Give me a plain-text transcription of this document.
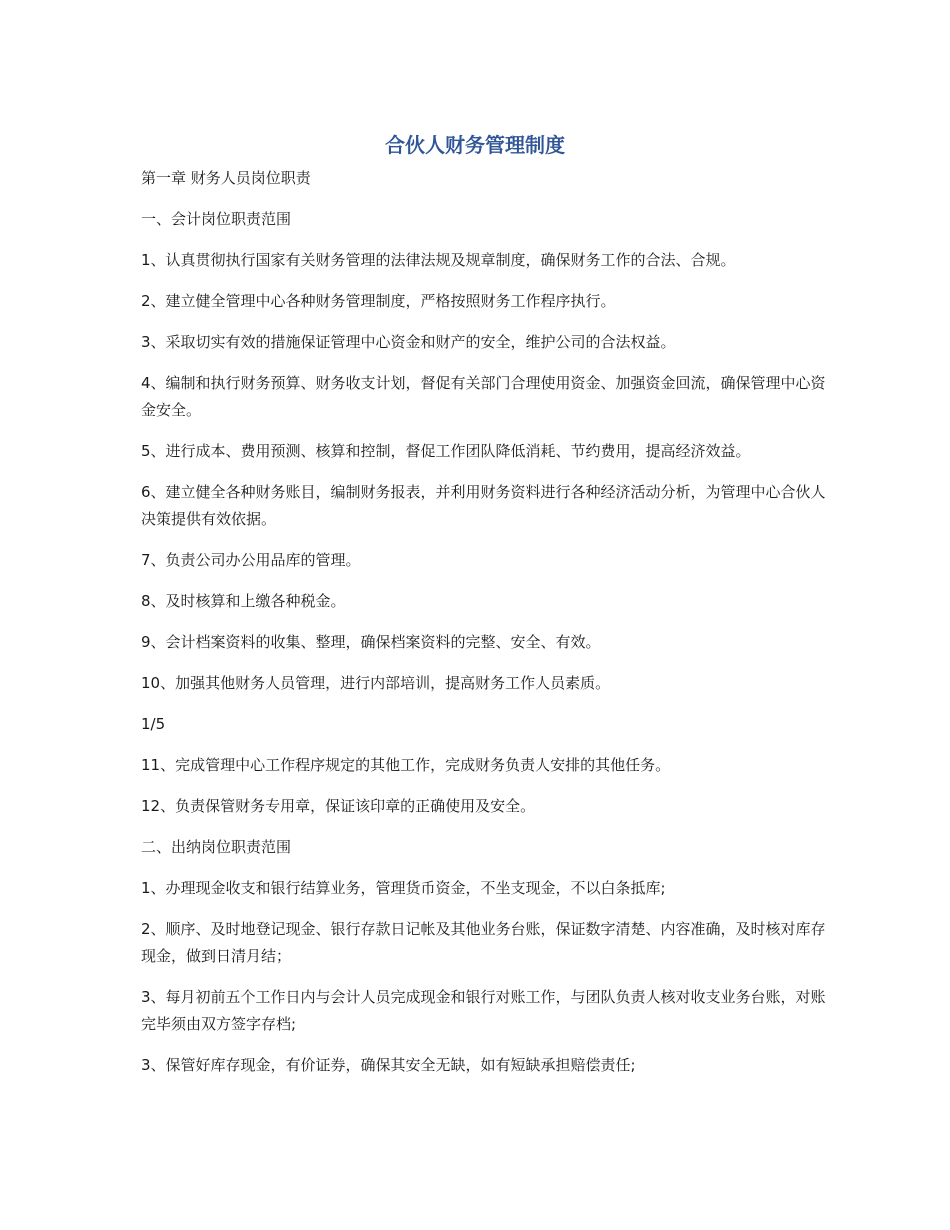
合伙人财务管理制度

第一章 财务人员岗位职责

一、会计岗位职责范围

1、认真贯彻执行国家有关财务管理的法律法规及规章制度，确保财务工作的合法、合规。

2、建立健全管理中心各种财务管理制度，严格按照财务工作程序执行。

3、采取切实有效的措施保证管理中心资金和财产的安全，维护公司的合法权益。

4、编制和执行财务预算、财务收支计划，督促有关部门合理使用资金、加强资金回流，确保管理中心资金安全。

5、进行成本、费用预测、核算和控制，督促工作团队降低消耗、节约费用，提高经济效益。

6、建立健全各种财务账目，编制财务报表，并利用财务资料进行各种经济活动分析，为管理中心合伙人决策提供有效依据。

7、负责公司办公用品库的管理。

8、及时核算和上缴各种税金。

9、会计档案资料的收集、整理，确保档案资料的完整、安全、有效。

10、加强其他财务人员管理，进行内部培训，提高财务工作人员素质。

1/5

11、完成管理中心工作程序规定的其他工作，完成财务负责人安排的其他任务。

12、负责保管财务专用章，保证该印章的正确使用及安全。

二、出纳岗位职责范围

1、办理现金收支和银行结算业务，管理货币资金，不坐支现金，不以白条抵库;

2、顺序、及时地登记现金、银行存款日记帐及其他业务台账，保证数字清楚、内容准确，及时核对库存现金，做到日清月结；

3、每月初前五个工作日内与会计人员完成现金和银行对账工作，与团队负责人核对收支业务台账，对账完毕须由双方签字存档;

3、保管好库存现金，有价证券，确保其安全无缺，如有短缺承担赔偿责任;
